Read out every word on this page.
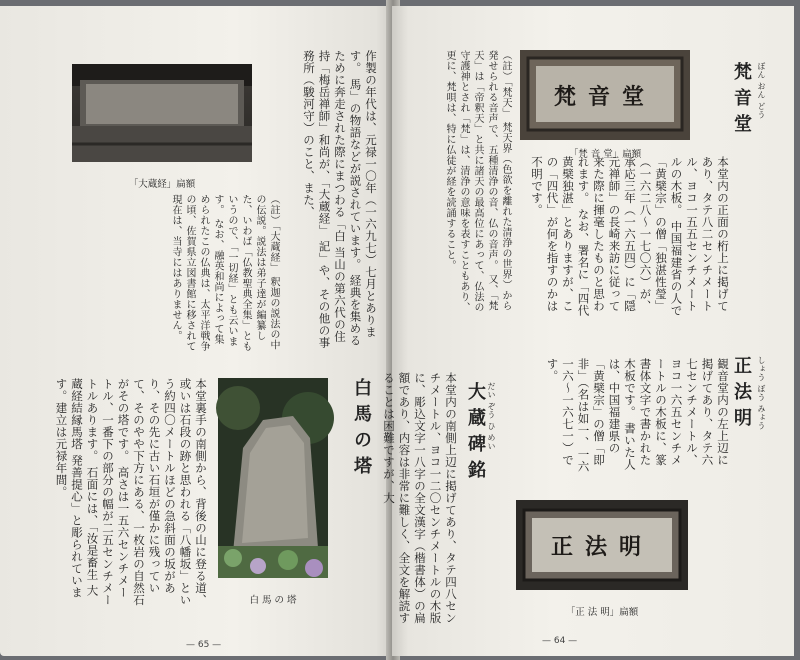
「大蔵経」扁額	作製の年代は、元禄一〇年（一六九七）七月とあります。 馬」の物語などが説されています。 経典を集めるために奔走された際にまつわる「白 当山の第六代の住持「梅岳禅師」和尚が、「大蔵経」 記」や、その他の事務所（駿河守）のこと、また、
（註）「大蔵経」 釈迦の説法の中の伝説。説法は弟子達が編纂した、いわば「仏教聖典全集」ともいうので、「一切経」とも云います。 なお、融英和尚によって集められたこの仏典は、太平洋戦争の頃、佐賀県立図書館に移されて現在は、当寺にはありません。
白馬の塔
白 馬 の 塔
本堂裏手の南側から、背後の山に登る道、或いは石段の跡と思われる「八幡坂」という約四〇メートルほどの急斜面の坂があり、その先に古い石垣が僅かに残っていて、そのやや下方にある、一枚岩の自然石がその塔です。 高さは一五六センチメートル、一番下の部分の幅が二五センチメートルあります。 石面には、「汝是畜生 大蔵経結縁馬塔 発善提心」と彫られています。建立は元禄年間。
— 65 —
梵音堂 ぼん おん どう
梵音堂
「梵 音 堂」扁額
本堂内の正面の桁上に掲げてあり、タテ八二センチメートル、ヨコ一五五センチメートルの木板。 中国福建省の人で「黄檗宗」の僧「独湛性瑩」（一六二八〜一七〇六）が、承応三年（一六五四）に「隠元禅師」の長崎来訪に従って来た際に揮毫したものと思われます。 なお、署名に「四代黄檗独湛」とありますが、この「四代」が何を指すのかは不明です。
（註）「梵天」 梵天界（色欲を離れた清浄の世界）から発せられる音声で、五種清浄の音、仏の音声。 又、「梵天」は「帝釈天」と共に諸天の最高位にあって、仏法の守護神とされ「梵」は、清浄の意味を表すこともあり、更に、梵唄は、特に仏徒が経を読誦すること。
正法明 しょう ぼう みょう
観音堂内の左上辺に掲げてあり、タテ六七センチメートル、ヨコ一六五センチメートルの木板に、篆書体文字で書かれた木板です。 書いた人は、中国福建県の「黄檗宗」の僧「即非」（名は如一、一六一六〜一六七一）です。
大蔵碑銘 だい ぞう ひ めい
本堂内の南側上辺に掲げてあり、タテ四八センチメートル、ヨコ一二〇センチメートルの木版に、彫込文字一八字の全文漢字（楷書体）の扁額であり、内容は非常に難しく、全文を解読することは困難ですが、大
正法明
「正 法 明」扁額
— 64 —
